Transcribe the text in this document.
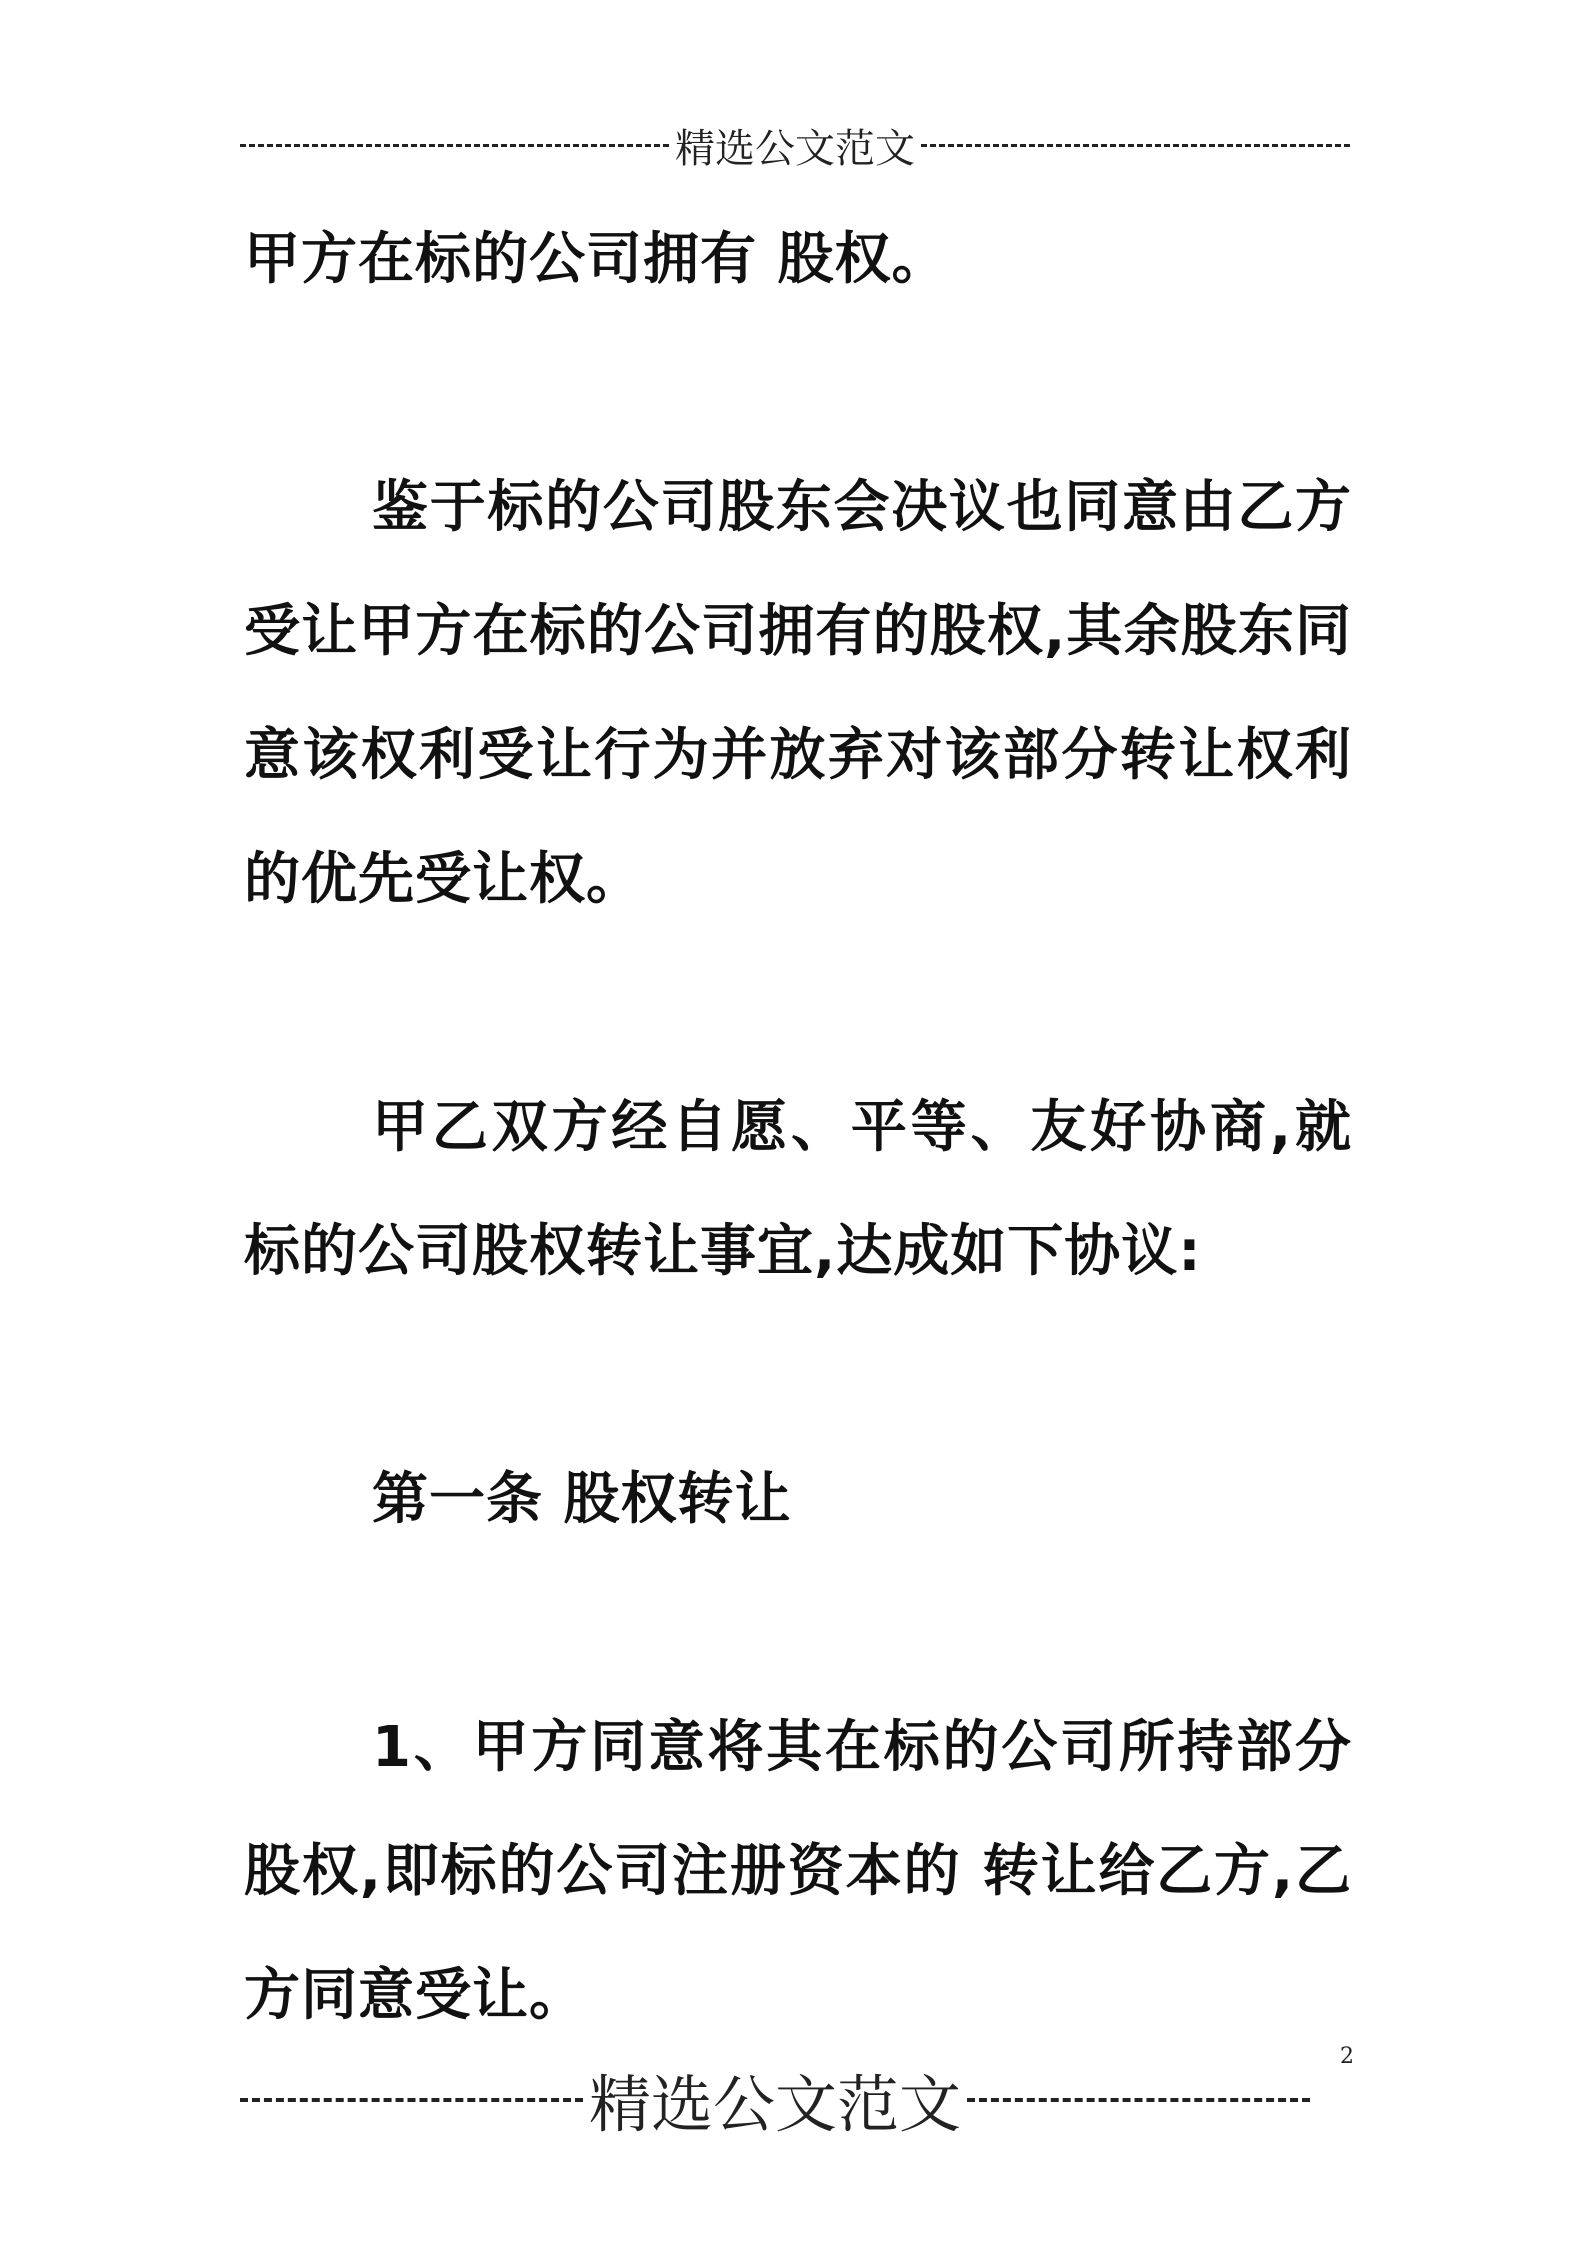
精选公文范文

甲方在标的公司拥有 股权。

鉴于标的公司股东会决议也同意由乙方受让甲方在标的公司拥有的股权,其余股东同意该权利受让行为并放弃对该部分转让权利的优先受让权。

甲乙双方经自愿、平等、友好协商,就标的公司股权转让事宜,达成如下协议:

第一条 股权转让

1、甲方同意将其在标的公司所持部分股权,即标的公司注册资本的 转让给乙方,乙方同意受让。

精选公文范文
2
